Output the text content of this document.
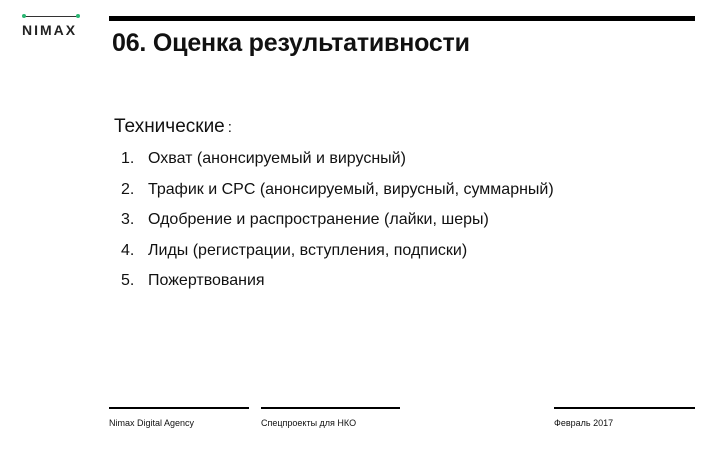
NIMAX 06. Оценка результативности
Технические :
1. Охват (анонсируемый и вирусный)
2. Трафик и CPC (анонсируемый, вирусный, суммарный)
3. Одобрение и распространение (лайки, шеры)
4. Лиды (регистрации, вступления, подписки)
5. Пожертвования
Nimax Digital Agency	Спецпроекты для НКО	Февраль 2017
